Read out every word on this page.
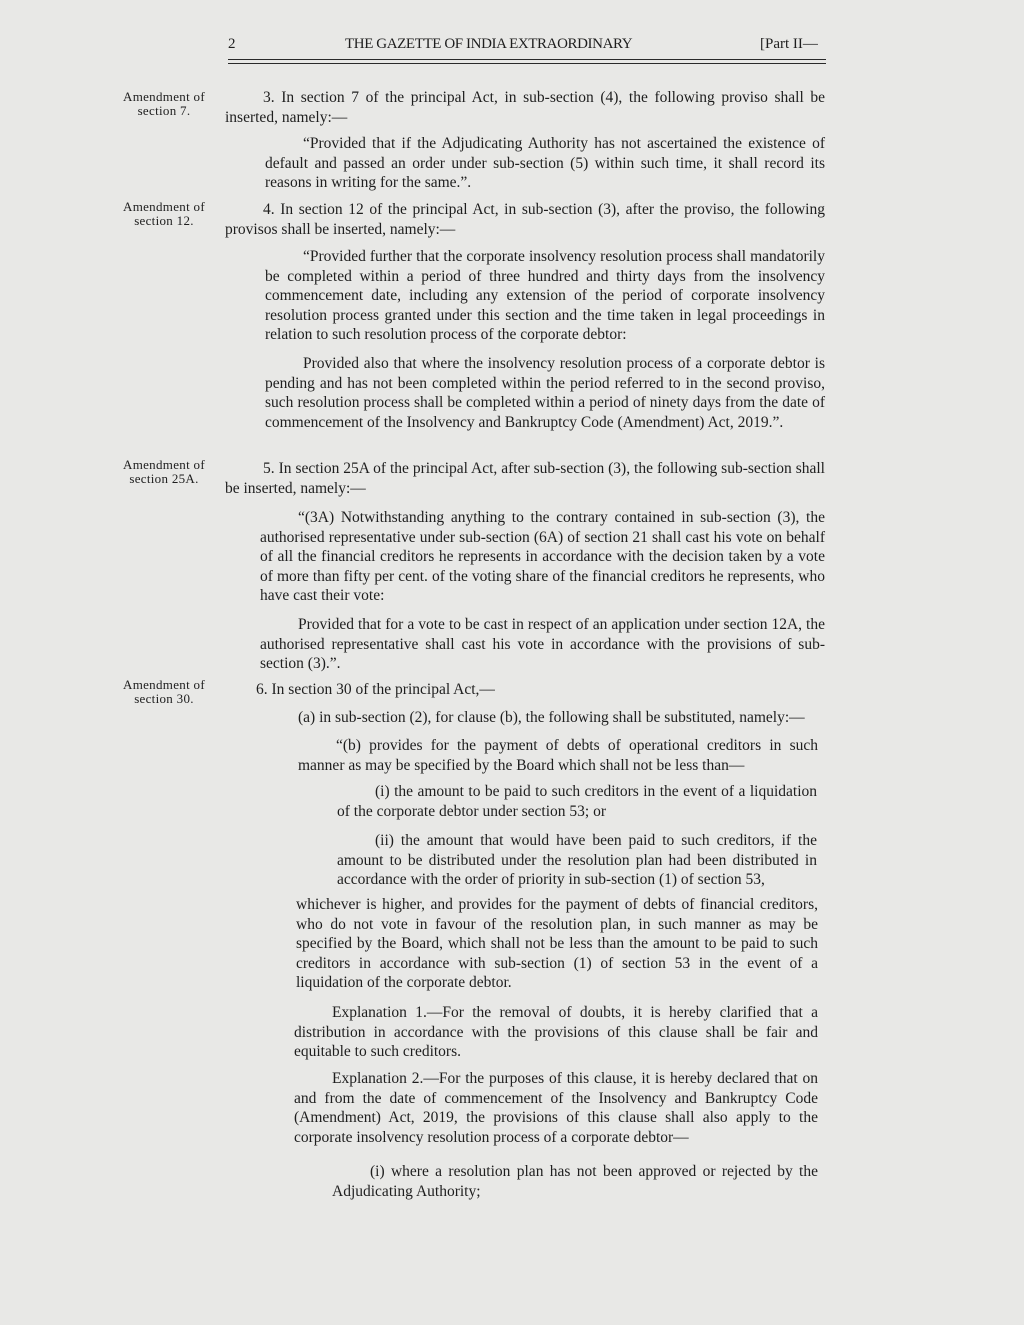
2	THE GAZETTE OF INDIA EXTRAORDINARY	[Part II—
Amendment of section 7.
Amendment of section 12.
Amendment of section 25A.
Amendment of section 30.
3. In section 7 of the principal Act, in sub-section (4), the following proviso shall be inserted, namely:—
“Provided that if the Adjudicating Authority has not ascertained the existence of default and passed an order under sub-section (5) within such time, it shall record its reasons in writing for the same.”.
4. In section 12 of the principal Act, in sub-section (3), after the proviso, the following provisos shall be inserted, namely:—
“Provided further that the corporate insolvency resolution process shall mandatorily be completed within a period of three hundred and thirty days from the insolvency commencement date, including any extension of the period of corporate insolvency resolution process granted under this section and the time taken in legal proceedings in relation to such resolution process of the corporate debtor:
Provided also that where the insolvency resolution process of a corporate debtor is pending and has not been completed within the period referred to in the second proviso, such resolution process shall be completed within a period of ninety days from the date of commencement of the Insolvency and Bankruptcy Code (Amendment) Act, 2019.”.
5. In section 25A of the principal Act, after sub-section (3), the following sub-section shall be inserted, namely:—
“(3A) Notwithstanding anything to the contrary contained in sub-section (3), the authorised representative under sub-section (6A) of section 21 shall cast his vote on behalf of all the financial creditors he represents in accordance with the decision taken by a vote of more than fifty per cent. of the voting share of the financial creditors he represents, who have cast their vote:
Provided that for a vote to be cast in respect of an application under section 12A, the authorised representative shall cast his vote in accordance with the provisions of sub-section (3).”.
6. In section 30 of the principal Act,—
(a) in sub-section (2), for clause (b), the following shall be substituted, namely:—
“(b) provides for the payment of debts of operational creditors in such manner as may be specified by the Board which shall not be less than—
(i) the amount to be paid to such creditors in the event of a liquidation of the corporate debtor under section 53; or
(ii) the amount that would have been paid to such creditors, if the amount to be distributed under the resolution plan had been distributed in accordance with the order of priority in sub-section (1) of section 53,
whichever is higher, and provides for the payment of debts of financial creditors, who do not vote in favour of the resolution plan, in such manner as may be specified by the Board, which shall not be less than the amount to be paid to such creditors in accordance with sub-section (1) of section 53 in the event of a liquidation of the corporate debtor.
Explanation 1.—For the removal of doubts, it is hereby clarified that a distribution in accordance with the provisions of this clause shall be fair and equitable to such creditors.
Explanation 2.—For the purposes of this clause, it is hereby declared that on and from the date of commencement of the Insolvency and Bankruptcy Code (Amendment) Act, 2019, the provisions of this clause shall also apply to the corporate insolvency resolution process of a corporate debtor—
(i) where a resolution plan has not been approved or rejected by the Adjudicating Authority;
